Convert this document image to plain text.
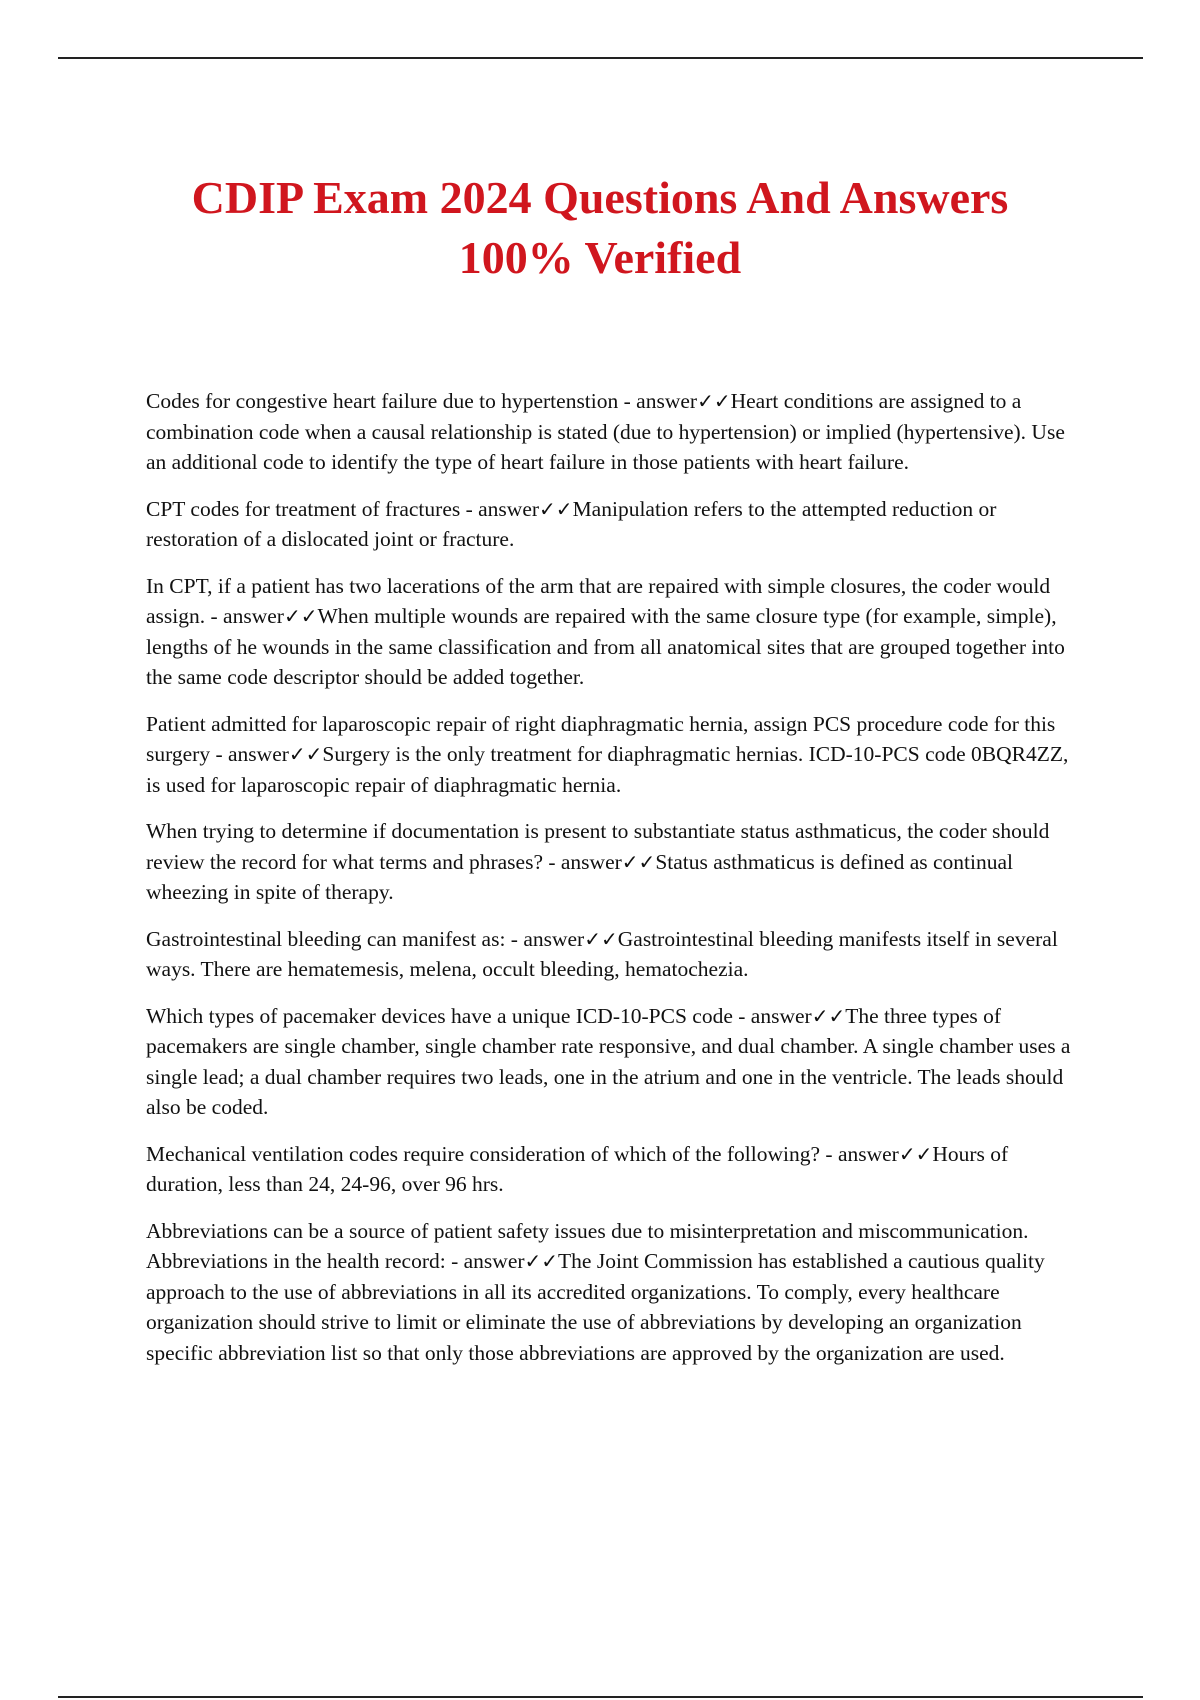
CDIP Exam 2024 Questions And Answers
100% Verified

Codes for congestive heart failure due to hypertenstion - answer✓✓Heart conditions are assigned to a combination code when a causal relationship is stated (due to hypertension) or implied (hypertensive). Use an additional code to identify the type of heart failure in those patients with heart failure.

CPT codes for treatment of fractures - answer✓✓Manipulation refers to the attempted reduction or restoration of a dislocated joint or fracture.

In CPT, if a patient has two lacerations of the arm that are repaired with simple closures, the coder would assign. - answer✓✓When multiple wounds are repaired with the same closure type (for example, simple), lengths of he wounds in the same classification and from all anatomical sites that are grouped together into the same code descriptor should be added together.

Patient admitted for laparoscopic repair of right diaphragmatic hernia, assign PCS procedure code for this surgery - answer✓✓Surgery is the only treatment for diaphragmatic hernias. ICD-10-PCS code 0BQR4ZZ, is used for laparoscopic repair of diaphragmatic hernia.

When trying to determine if documentation is present to substantiate status asthmaticus, the coder should review the record for what terms and phrases? - answer✓✓Status asthmaticus is defined as continual wheezing in spite of therapy.

Gastrointestinal bleeding can manifest as: - answer✓✓Gastrointestinal bleeding manifests itself in several ways. There are hematemesis, melena, occult bleeding, hematochezia.

Which types of pacemaker devices have a unique ICD-10-PCS code - answer✓✓The three types of pacemakers are single chamber, single chamber rate responsive, and dual chamber. A single chamber uses a single lead; a dual chamber requires two leads, one in the atrium and one in the ventricle. The leads should also be coded.

Mechanical ventilation codes require consideration of which of the following? - answer✓✓Hours of duration, less than 24, 24-96, over 96 hrs.

Abbreviations can be a source of patient safety issues due to misinterpretation and miscommunication. Abbreviations in the health record: - answer✓✓The Joint Commission has established a cautious quality approach to the use of abbreviations in all its accredited organizations. To comply, every healthcare organization should strive to limit or eliminate the use of abbreviations by developing an organization specific abbreviation list so that only those abbreviations are approved by the organization are used.
